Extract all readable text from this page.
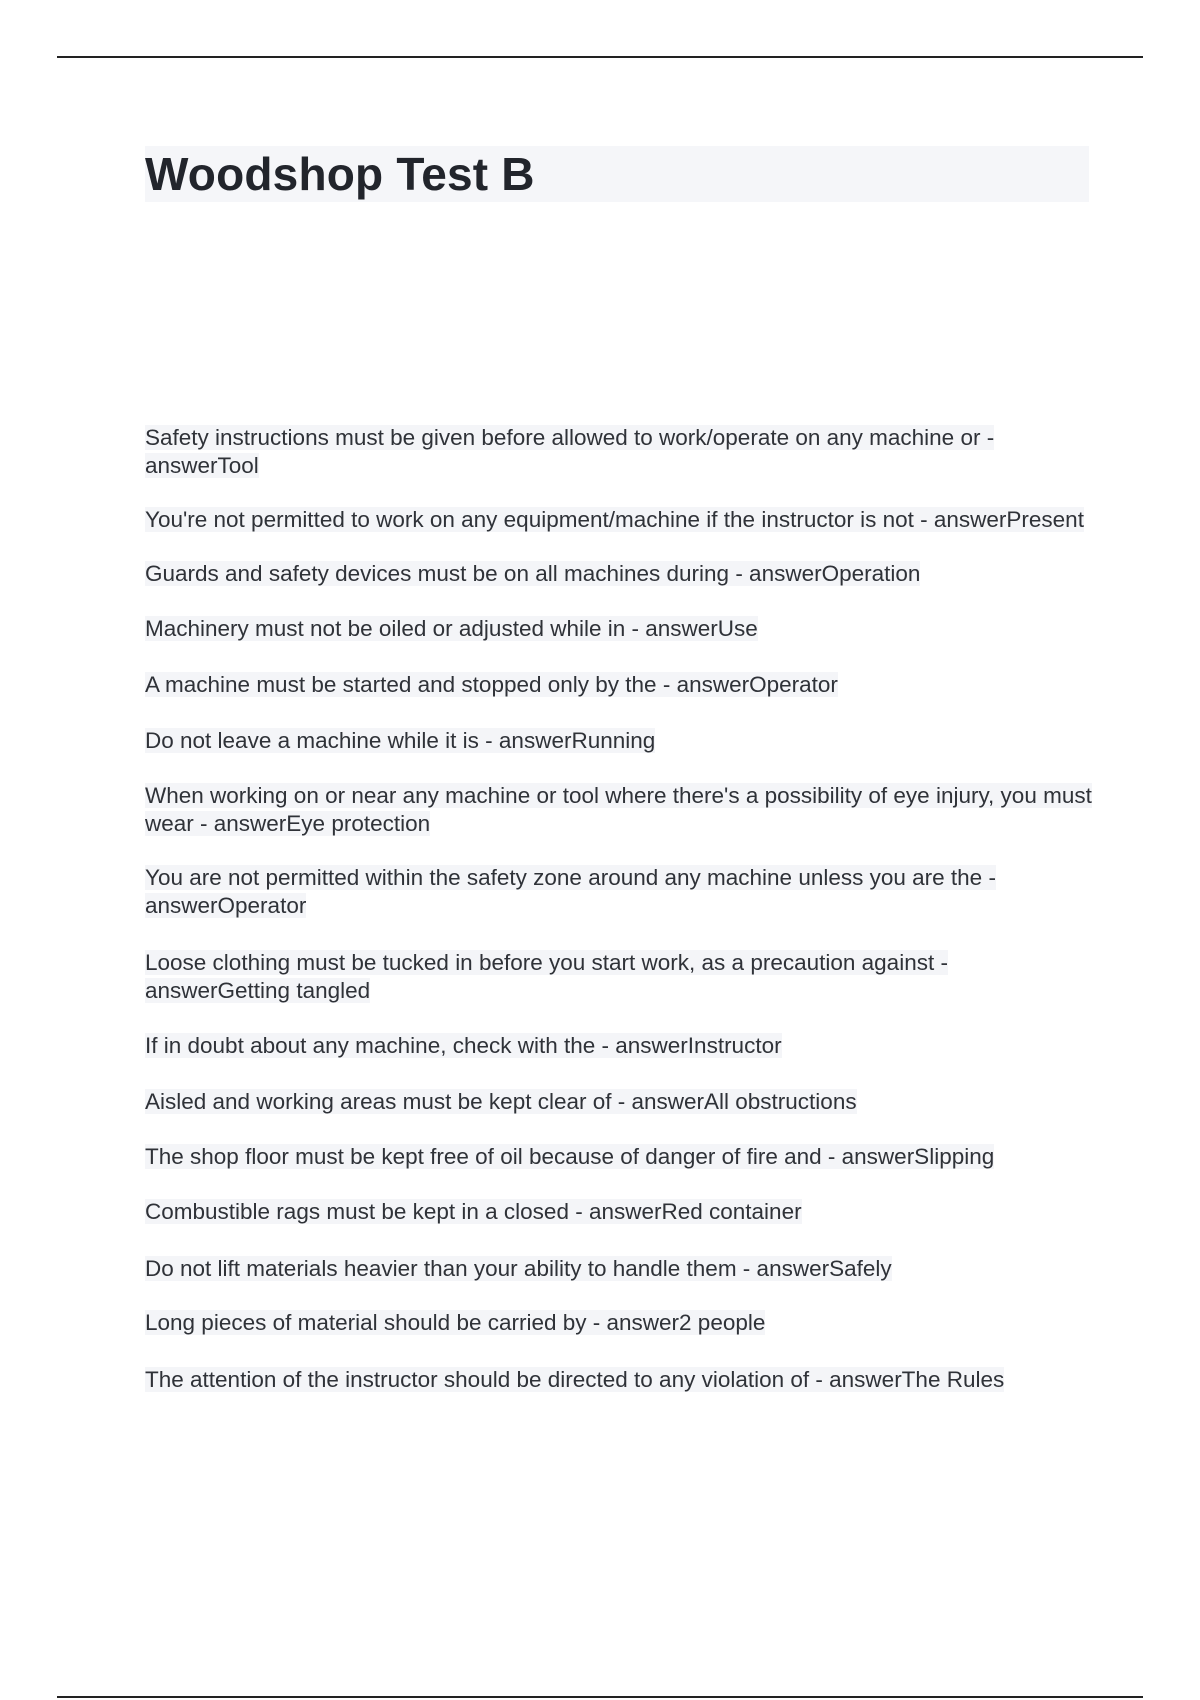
Woodshop Test B
Safety instructions must be given before allowed to work/operate on any machine or - answerTool
You're not permitted to work on any equipment/machine if the instructor is not - answerPresent
Guards and safety devices must be on all machines during - answerOperation
Machinery must not be oiled or adjusted while in - answerUse
A machine must be started and stopped only by the - answerOperator
Do not leave a machine while it is - answerRunning
When working on or near any machine or tool where there's a possibility of eye injury, you must wear - answerEye protection
You are not permitted within the safety zone around any machine unless you are the - answerOperator
Loose clothing must be tucked in before you start work, as a precaution against - answerGetting tangled
If in doubt about any machine, check with the - answerInstructor
Aisled and working areas must be kept clear of - answerAll obstructions
The shop floor must be kept free of oil because of danger of fire and - answerSlipping
Combustible rags must be kept in a closed - answerRed container
Do not lift materials heavier than your ability to handle them - answerSafely
Long pieces of material should be carried by - answer2 people
The attention of the instructor should be directed to any violation of - answerThe Rules
